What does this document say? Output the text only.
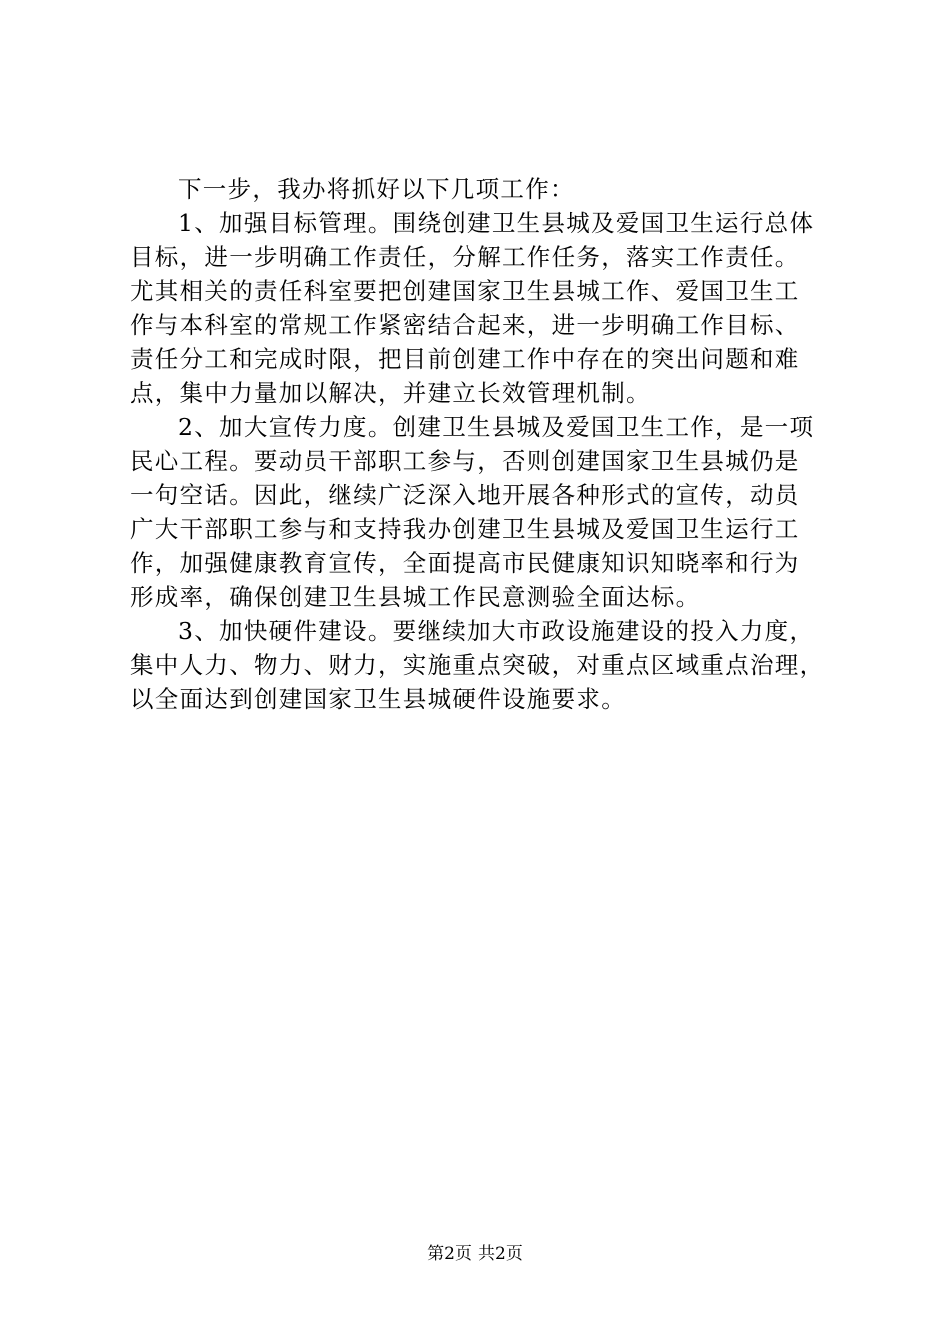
下一步，我办将抓好以下几项工作：
1、加强目标管理。围绕创建卫生县城及爱国卫生运行总体
目标，进一步明确工作责任，分解工作任务，落实工作责任。
尤其相关的责任科室要把创建国家卫生县城工作、爱国卫生工
作与本科室的常规工作紧密结合起来，进一步明确工作目标、
责任分工和完成时限，把目前创建工作中存在的突出问题和难
点，集中力量加以解决，并建立长效管理机制。
2、加大宣传力度。创建卫生县城及爱国卫生工作，是一项
民心工程。要动员干部职工参与，否则创建国家卫生县城仍是
一句空话。因此，继续广泛深入地开展各种形式的宣传，动员
广大干部职工参与和支持我办创建卫生县城及爱国卫生运行工
作，加强健康教育宣传，全面提高市民健康知识知晓率和行为
形成率，确保创建卫生县城工作民意测验全面达标。
3、加快硬件建设。要继续加大市政设施建设的投入力度，
集中人力、物力、财力，实施重点突破，对重点区域重点治理，
以全面达到创建国家卫生县城硬件设施要求。
第2页 共2页
